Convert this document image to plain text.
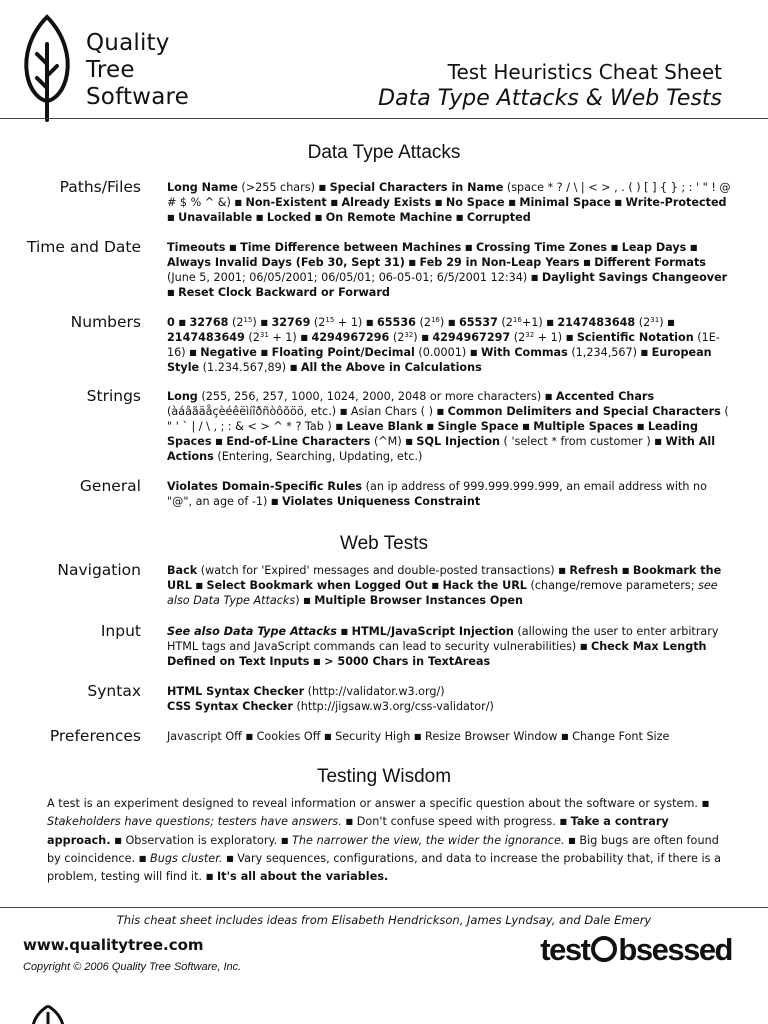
Quality
Tree
Software
Test Heuristics Cheat Sheet
Data Type Attacks & Web Tests
Data Type Attacks
Paths/Files Long Name (>255 chars) ■ Special Characters in Name (space * ? / \ | < > , . ( ) [ ] { } ; : ' " ! @ # $ % ^ &) ■ Non-Existent ■ Already Exists ■ No Space ■ Minimal Space ■ Write-Protected ■ Unavailable ■ Locked ■ On Remote Machine ■ Corrupted
Time and Date Timeouts ■ Time Difference between Machines ■ Crossing Time Zones ■ Leap Days ■ Always Invalid Days (Feb 30, Sept 31) ■ Feb 29 in Non-Leap Years ■ Different Formats (June 5, 2001; 06/05/2001; 06/05/01; 06-05-01; 6/5/2001 12:34) ■ Daylight Savings Changeover ■ Reset Clock Backward or Forward
Numbers 0 ■ 32768 $(2^{15})$ ■ 32769 $(2^{15} + 1)$ ■ 65536 $(2^{16})$ ■ 65537 $(2^{16}+1)$ ■ 2147483648 $(2^{31})$ ■ 2147483649 $(2^{31} + 1)$ ■ 4294967296 $(2^{32})$ ■ 4294967297 $(2^{32} + 1)$ ■ Scientific Notation (1E-16) ■ Negative ■ Floating Point/Decimal (0.0001) ■ With Commas (1,234,567) ■ European Style (1.234.567,89) ■ All the Above in Calculations
Strings Long (255, 256, 257, 1000, 1024, 2000, 2048 or more characters) ■ Accented Chars (àáâãäåçèéêëìíîðñòôõöö, etc.) ■ Asian Chars ( ) ■ Common Delimiters and Special Characters ( " ' ` | / \ , ; : & < > ^ * ? Tab ) ■ Leave Blank ■ Single Space ■ Multiple Spaces ■ Leading Spaces ■ End-of-Line Characters (^M) ■ SQL Injection ( 'select * from customer ) ■ With All Actions (Entering, Searching, Updating, etc.)
General Violates Domain-Specific Rules (an ip address of 999.999.999.999, an email address with no "@", an age of -1) ■ Violates Uniqueness Constraint
Web Tests
Navigation Back (watch for 'Expired' messages and double-posted transactions) ■ Refresh ■ Bookmark the URL ■ Select Bookmark when Logged Out ■ Hack the URL (change/remove parameters; see also Data Type Attacks) ■ Multiple Browser Instances Open
Input See also Data Type Attacks ■ HTML/JavaScript Injection (allowing the user to enter arbitrary HTML tags and JavaScript commands can lead to security vulnerabilities) ■ Check Max Length Defined on Text Inputs ■ > 5000 Chars in TextAreas
Syntax HTML Syntax Checker (http://validator.w3.org/)
CSS Syntax Checker (http://jigsaw.w3.org/css-validator/)
Preferences Javascript Off ■ Cookies Off ■ Security High ■ Resize Browser Window ■ Change Font Size
Testing Wisdom
A test is an experiment designed to reveal information or answer a specific question about the software or system. ■ Stakeholders have questions; testers have answers. ■ Don't confuse speed with progress. ■ Take a contrary approach. ■ Observation is exploratory. ■ The narrower the view, the wider the ignorance. ■ Big bugs are often found by coincidence. ■ Bugs cluster. ■ Vary sequences, configurations, and data to increase the probability that, if there is a problem, testing will find it. ■ It's all about the variables.
This cheat sheet includes ideas from Elisabeth Hendrickson, James Lyndsay, and Dale Emery
www.qualitytree.com
Copyright © 2006 Quality Tree Software, Inc.	test bsessed
